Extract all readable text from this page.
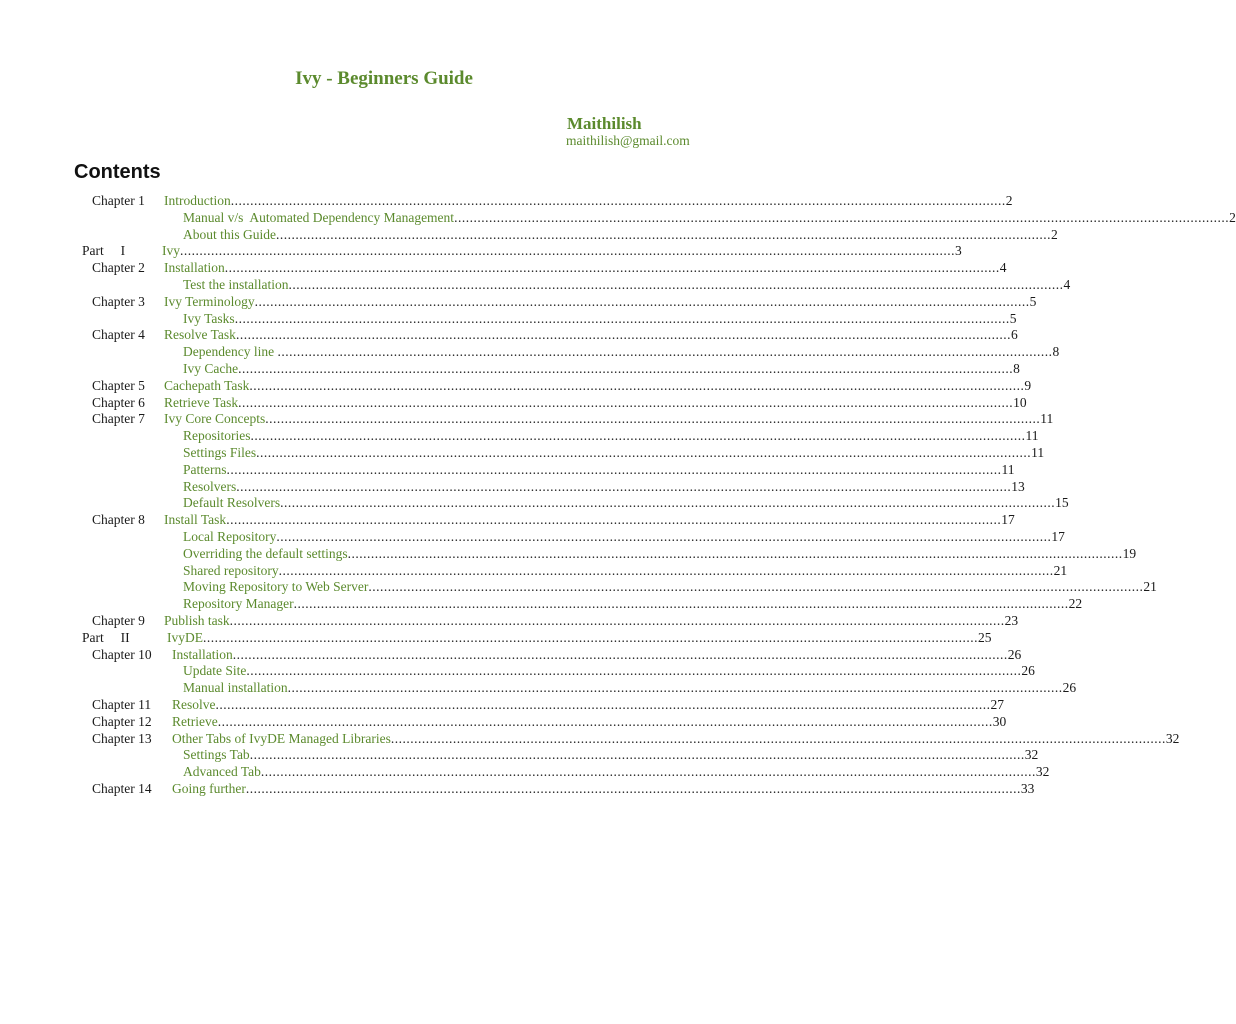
Ivy - Beginners Guide
Maithilish
maithilish@gmail.com
Contents
Chapter 1 Introduction ........................................................................................................................................................................................................ 2
Manual v/s  Automated Dependency Management ........................................................................................................................................................................................................ 2
About this Guide ........................................................................................................................................................................................................ 2
Part     I	Ivy ........................................................................................................................................................................................................ 3
Chapter 2 Installation ........................................................................................................................................................................................................ 4
Test the installation ........................................................................................................................................................................................................ 4
Chapter 3 Ivy Terminology ........................................................................................................................................................................................................ 5
Ivy Tasks ........................................................................................................................................................................................................ 5
Chapter 4 Resolve Task ........................................................................................................................................................................................................ 6
Dependency line ........................................................................................................................................................................................................ 8
Ivy Cache ........................................................................................................................................................................................................ 8
Chapter 5 Cachepath Task ........................................................................................................................................................................................................ 9
Chapter 6 Retrieve Task ........................................................................................................................................................................................................ 10
Chapter 7 Ivy Core Concepts ........................................................................................................................................................................................................ 11
Repositories ........................................................................................................................................................................................................ 11
Settings Files ........................................................................................................................................................................................................ 11
Patterns ........................................................................................................................................................................................................ 11
Resolvers ........................................................................................................................................................................................................ 13
Default Resolvers ........................................................................................................................................................................................................ 15
Chapter 8 Install Task ........................................................................................................................................................................................................ 17
Local Repository ........................................................................................................................................................................................................ 17
Overriding the default settings ........................................................................................................................................................................................................ 19
Shared repository ........................................................................................................................................................................................................ 21
Moving Repository to Web Server ........................................................................................................................................................................................................ 21
Repository Manager ........................................................................................................................................................................................................ 22
Chapter 9 Publish task ........................................................................................................................................................................................................ 23
Part     II	IvyDE ........................................................................................................................................................................................................ 25
Chapter 10 Installation ........................................................................................................................................................................................................ 26
Update Site ........................................................................................................................................................................................................ 26
Manual installation ........................................................................................................................................................................................................ 26
Chapter 11 Resolve ........................................................................................................................................................................................................ 27
Chapter 12 Retrieve ........................................................................................................................................................................................................ 30
Chapter 13 Other Tabs of IvyDE Managed Libraries ........................................................................................................................................................................................................ 32
Settings Tab ........................................................................................................................................................................................................ 32
Advanced Tab ........................................................................................................................................................................................................ 32
Chapter 14 Going further ........................................................................................................................................................................................................ 33
